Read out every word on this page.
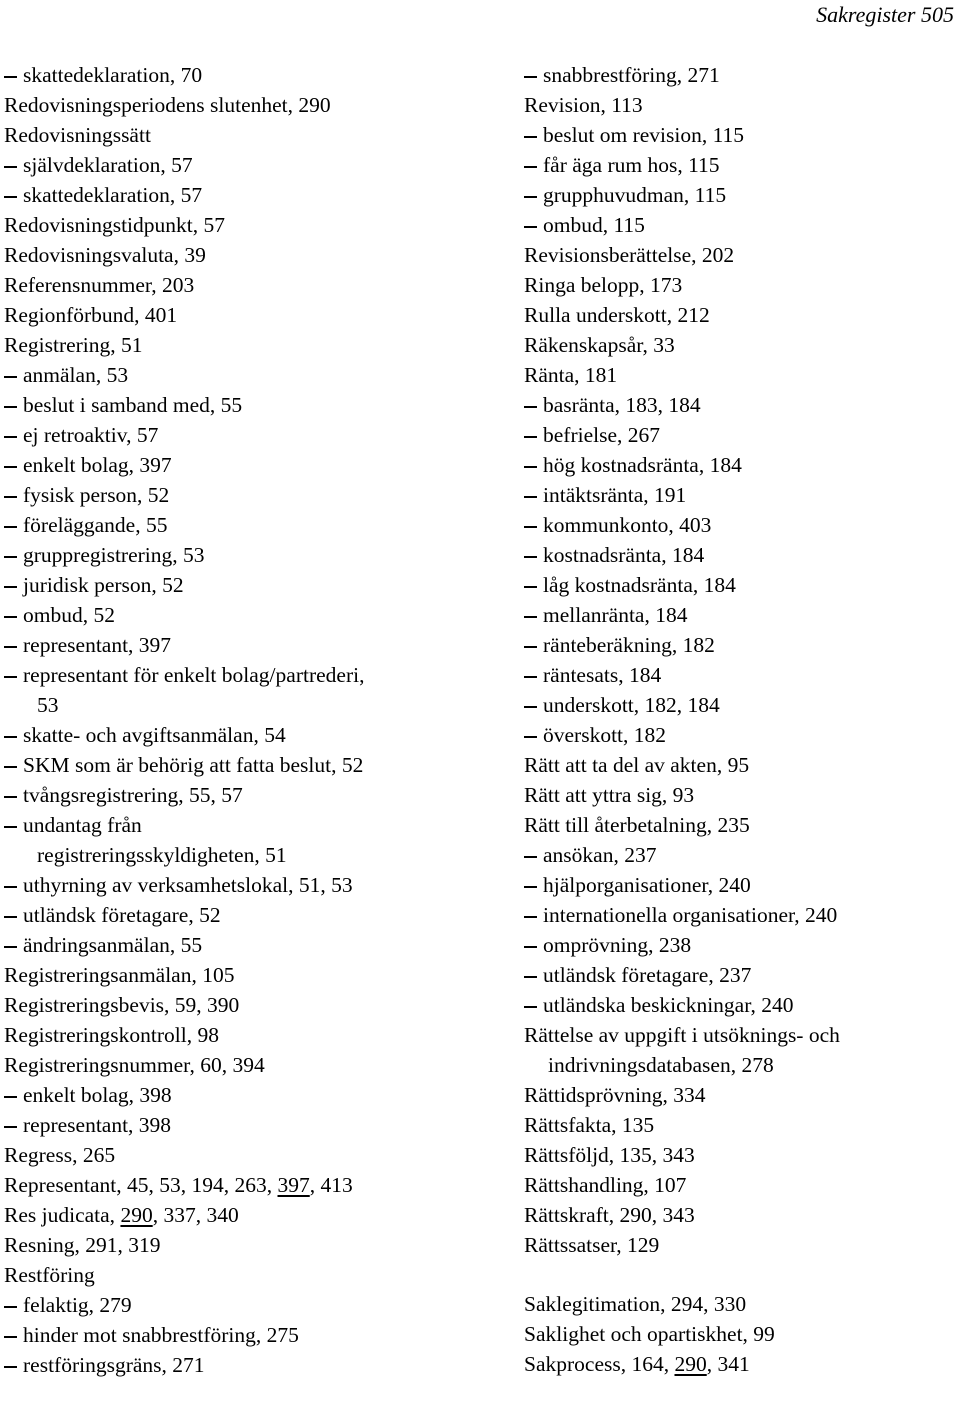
Sakregister 505
skattedeklaration, 70
Redovisningsperiodens slutenhet, 290
Redovisningssätt
självdeklaration, 57
skattedeklaration, 57
Redovisningstidpunkt, 57
Redovisningsvaluta, 39
Referensnummer, 203
Regionförbund, 401
Registrering, 51
anmälan, 53
beslut i samband med, 55
ej retroaktiv, 57
enkelt bolag, 397
fysisk person, 52
föreläggande, 55
gruppregistrering, 53
juridisk person, 52
ombud, 52
representant, 397
representant för enkelt bolag/partrederi,
53
skatte- och avgiftsanmälan, 54
SKM som är behörig att fatta beslut, 52
tvångsregistrering, 55, 57
undantag från
registreringsskyldigheten, 51
uthyrning av verksamhetslokal, 51, 53
utländsk företagare, 52
ändringsanmälan, 55
Registreringsanmälan, 105
Registreringsbevis, 59, 390
Registreringskontroll, 98
Registreringsnummer, 60, 394
enkelt bolag, 398
representant, 398
Regress, 265
Representant, 45, 53, 194, 263, 397, 413
Res judicata, 290, 337, 340
Resning, 291, 319
Restföring
felaktig, 279
hinder mot snabbrestföring, 275
restföringsgräns, 271
snabbrestföring, 271
Revision, 113
beslut om revision, 115
får äga rum hos, 115
grupphuvudman, 115
ombud, 115
Revisionsberättelse, 202
Ringa belopp, 173
Rulla underskott, 212
Räkenskapsår, 33
Ränta, 181
basränta, 183, 184
befrielse, 267
hög kostnadsränta, 184
intäktsränta, 191
kommunkonto, 403
kostnadsränta, 184
låg kostnadsränta, 184
mellanränta, 184
ränteberäkning, 182
räntesats, 184
underskott, 182, 184
överskott, 182
Rätt att ta del av akten, 95
Rätt att yttra sig, 93
Rätt till återbetalning, 235
ansökan, 237
hjälporganisationer, 240
internationella organisationer, 240
omprövning, 238
utländsk företagare, 237
utländska beskickningar, 240
Rättelse av uppgift i utsöknings- och
indrivningsdatabasen, 278
Rättidsprövning, 334
Rättsfakta, 135
Rättsföljd, 135, 343
Rättshandling, 107
Rättskraft, 290, 343
Rättssatser, 129
Saklegitimation, 294, 330
Saklighet och opartiskhet, 99
Sakprocess, 164, 290, 341
